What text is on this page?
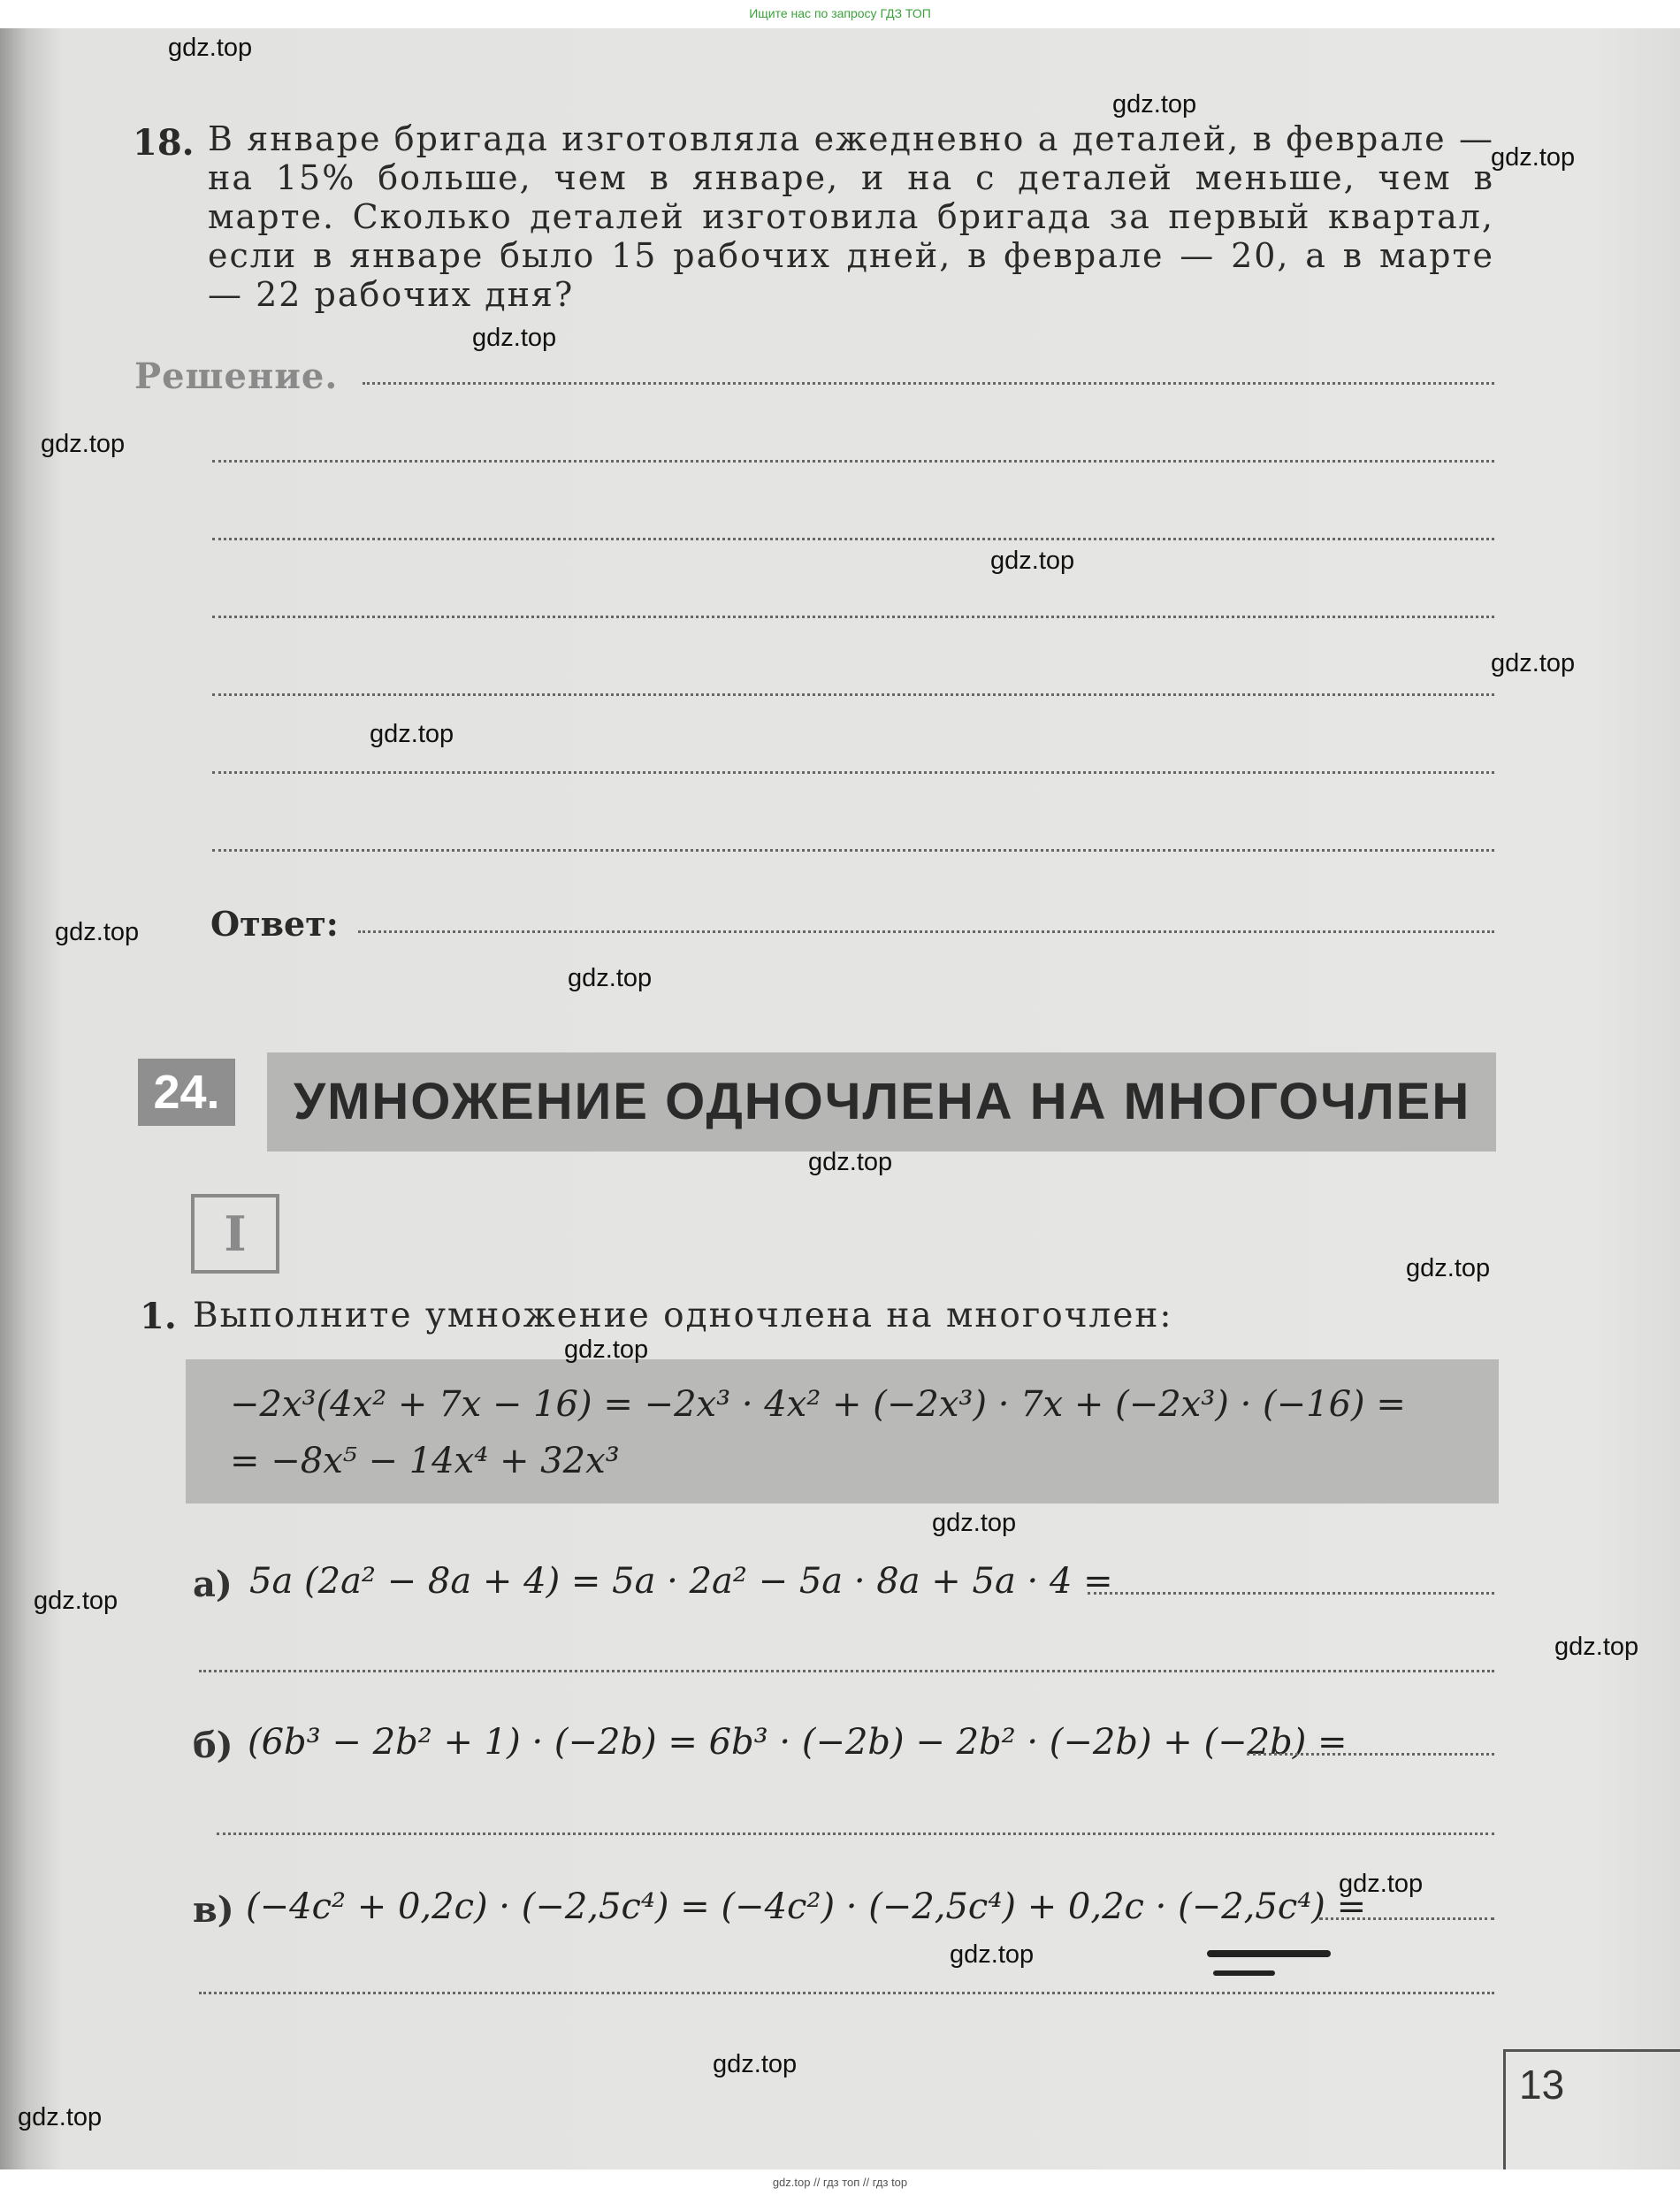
Ищите нас по запросу ГДЗ ТОП
18. В январе бригада изготовляла ежедневно a деталей, в феврале — на 15% больше, чем в январе, и на c деталей меньше, чем в марте. Сколько деталей изготовила бригада за первый квартал, если в январе было 15 рабочих дней, в феврале — 20, а в марте — 22 рабочих дня?
Решение.
Ответ:
24.	УМНОЖЕНИЕ ОДНОЧЛЕНА НА МНОГОЧЛЕН
I
1. Выполните умножение одночлена на многочлен:
−2x³(4x² + 7x − 16) = −2x³ · 4x² + (−2x³) · 7x + (−2x³) · (−16) =
= −8x⁵ − 14x⁴ + 32x³
а) 5a (2a² − 8a + 4) = 5a · 2a² − 5a · 8a + 5a · 4 =
б) (6b³ − 2b² + 1) · (−2b) = 6b³ · (−2b) − 2b² · (−2b) + (−2b) =
в) (−4c² + 0,2c) · (−2,5c⁴) = (−4c²) · (−2,5c⁴) + 0,2c · (−2,5c⁴) =
13
gdz.top
gdz.top
gdz.top
gdz.top
gdz.top
gdz.top
gdz.top
gdz.top
gdz.top
gdz.top
gdz.top
gdz.top
gdz.top
gdz.top
gdz.top
gdz.top
gdz.top
gdz.top
gdz.top
gdz.top
gdz.top // гдз топ // гдз top
